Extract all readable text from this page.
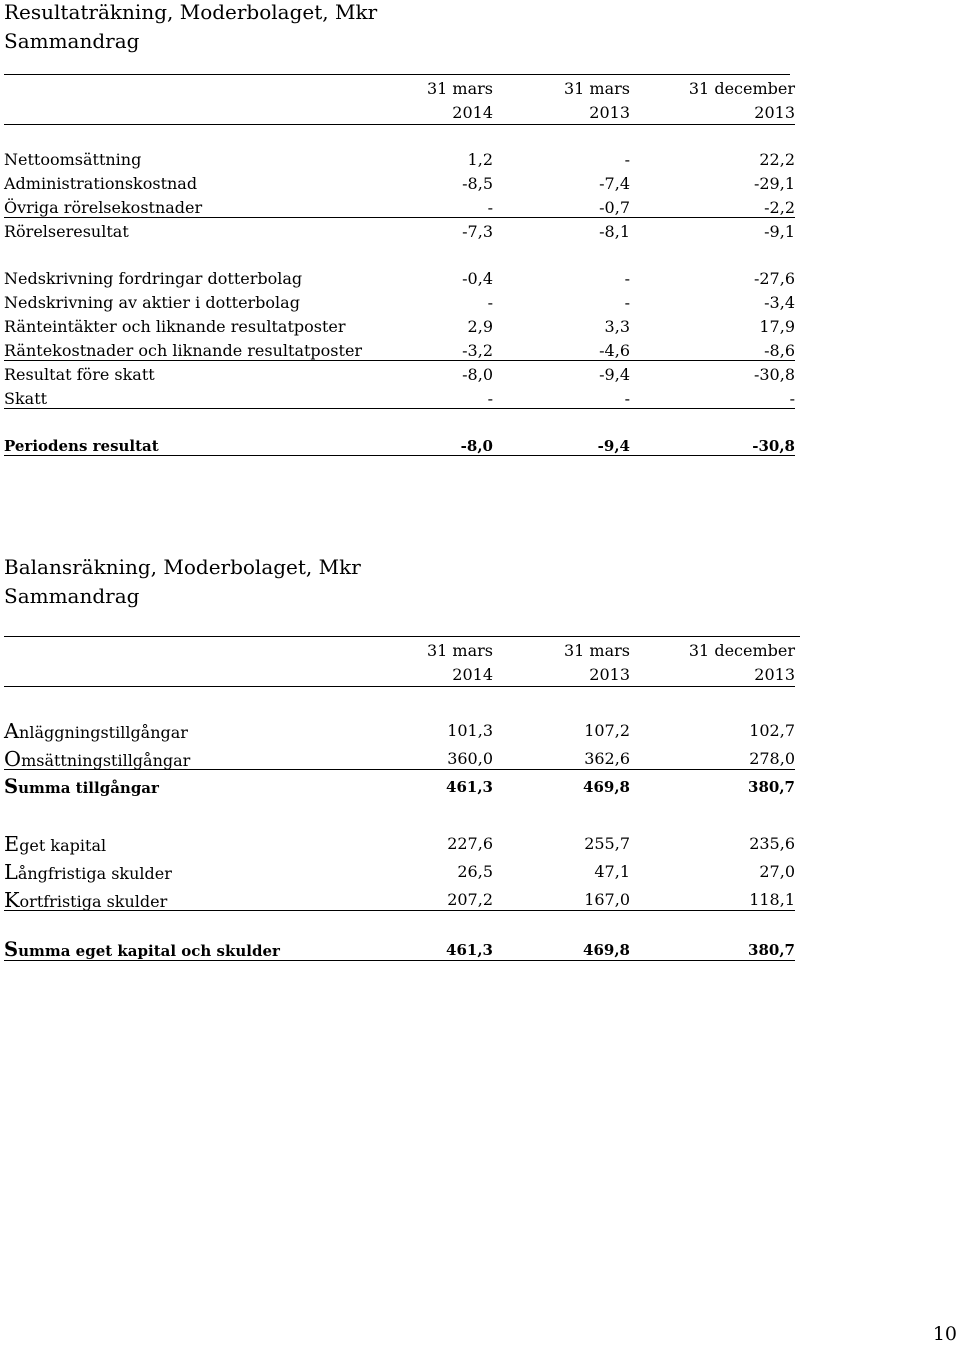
Resultaträkning, Moderbolaget, Mkr
Sammandrag
31 mars	31 mars	31 december
2014	2013	2013
Nettoomsättning	1,2	-	22,2
Administrationskostnad	-8,5	-7,4	-29,1
Övriga rörelsekostnader	-	-0,7	-2,2
Rörelseresultat	-7,3	-8,1	-9,1
Nedskrivning fordringar dotterbolag	-0,4	-	-27,6
Nedskrivning av aktier i dotterbolag	-	-	-3,4
Ränteintäkter och liknande resultatposter	2,9	3,3	17,9
Räntekostnader och liknande resultatposter	-3,2	-4,6	-8,6
Resultat före skatt	-8,0	-9,4	-30,8
Skatt	-	-	-
Periodens resultat	-8,0	-9,4	-30,8
Balansräkning, Moderbolaget, Mkr
Sammandrag
31 mars	31 mars	31 december
2014	2013	2013
Anläggningstillgångar	101,3	107,2	102,7
Omsättningstillgångar	360,0	362,6	278,0
Summa tillgångar	461,3	469,8	380,7
Eget kapital	227,6	255,7	235,6
Långfristiga skulder	26,5	47,1	27,0
Kortfristiga skulder	207,2	167,0	118,1
Summa eget kapital och skulder	461,3	469,8	380,7
10
